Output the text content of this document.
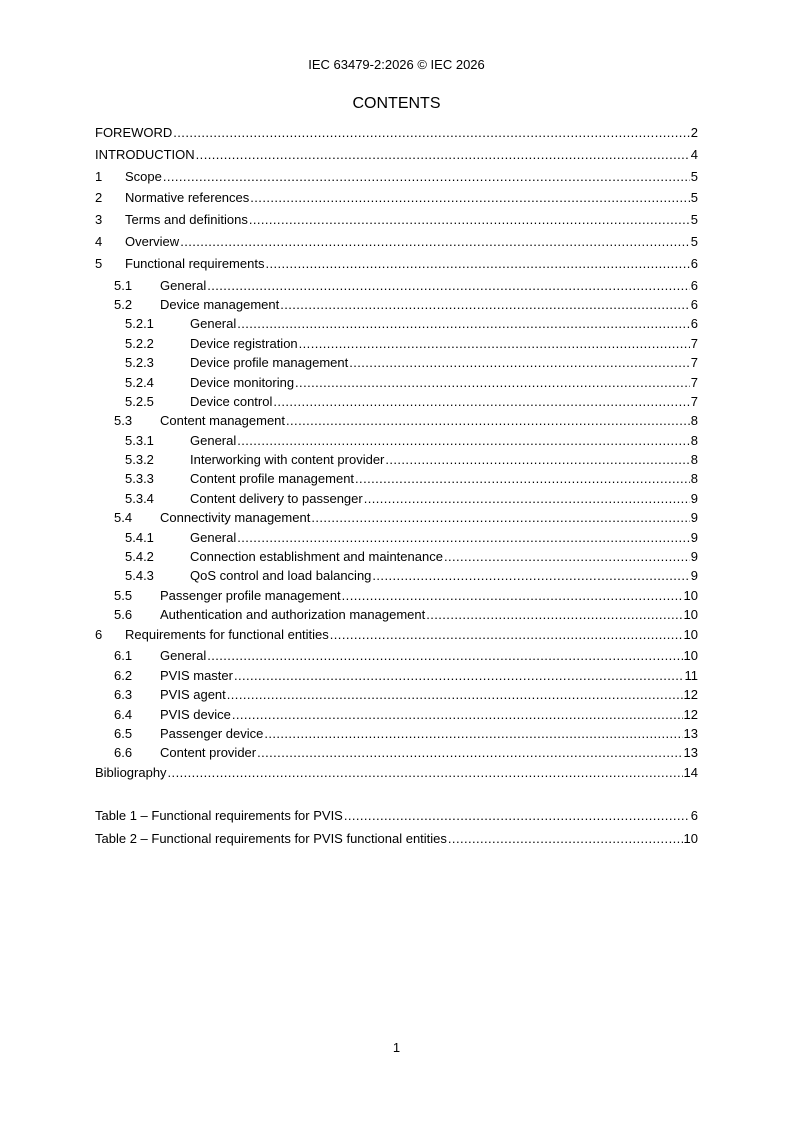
IEC 63479-2:2026 © IEC 2026
CONTENTS
FOREWORD .....	2
INTRODUCTION .....	4
1	Scope .....	5
2	Normative references .....	5
3	Terms and definitions .....	5
4	Overview .....	5
5	Functional requirements .....	6
5.1	General .....	6
5.2	Device management .....	6
5.2.1	General .....	6
5.2.2	Device registration .....	7
5.2.3	Device profile management .....	7
5.2.4	Device monitoring .....	7
5.2.5	Device control .....	7
5.3	Content management .....	8
5.3.1	General .....	8
5.3.2	Interworking with content provider .....	8
5.3.3	Content profile management .....	8
5.3.4	Content delivery to passenger .....	9
5.4	Connectivity management .....	9
5.4.1	General .....	9
5.4.2	Connection establishment and maintenance .....	9
5.4.3	QoS control and load balancing .....	9
5.5	Passenger profile management .....	10
5.6	Authentication and authorization management .....	10
6	Requirements for functional entities .....	10
6.1	General .....	10
6.2	PVIS master .....	11
6.3	PVIS agent .....	12
6.4	PVIS device .....	12
6.5	Passenger device .....	13
6.6	Content provider .....	13
Bibliography .....	14
Table 1 – Functional requirements for PVIS .....	6
Table 2 – Functional requirements for PVIS functional entities .....	10
1
